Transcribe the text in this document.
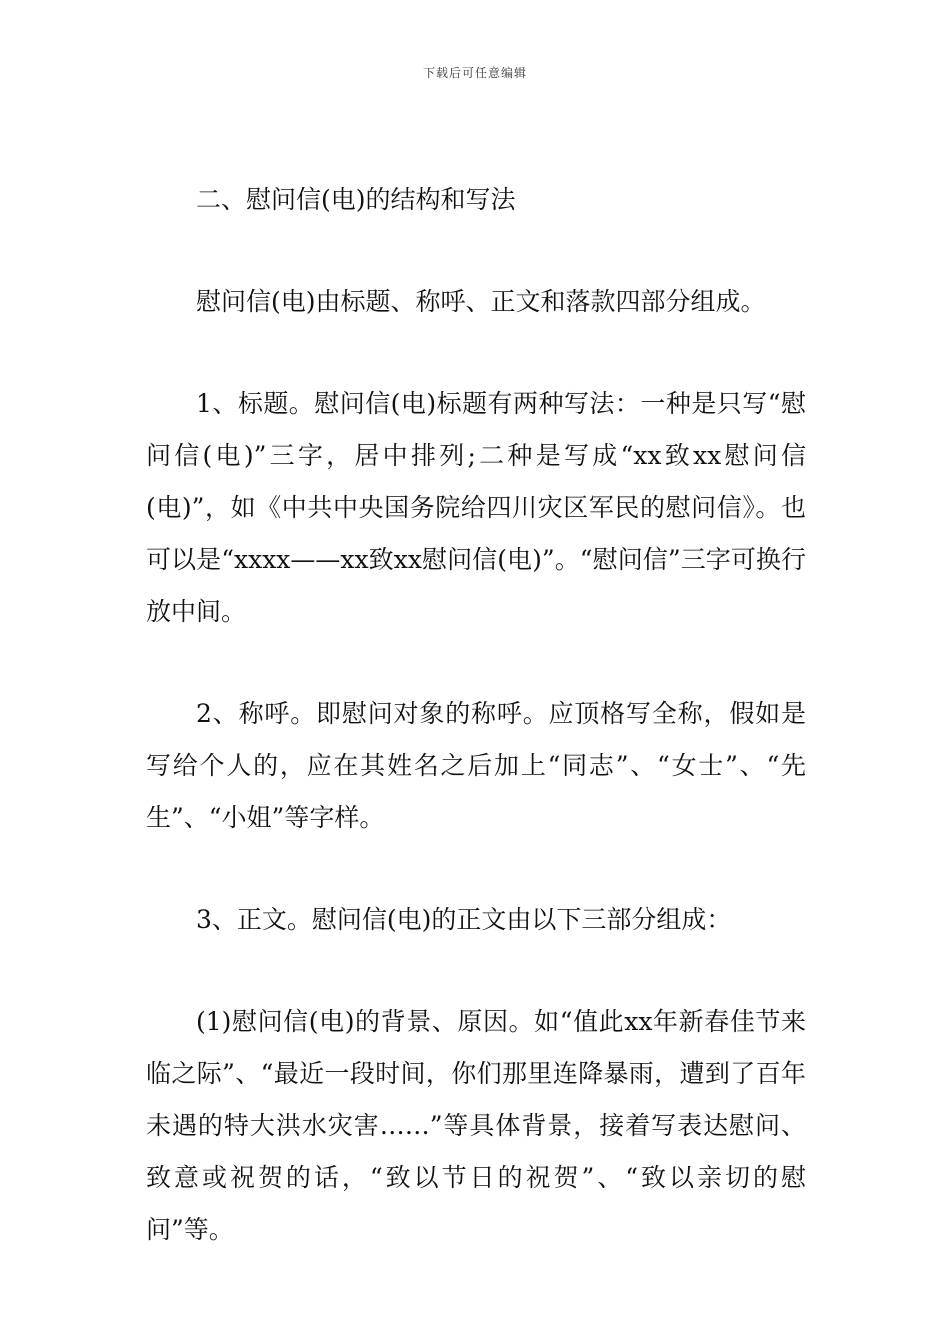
下载后可任意编辑

二、慰问信(电)的结构和写法

慰问信(电)由标题、称呼、正文和落款四部分组成。

1、标题。慰问信(电)标题有两种写法：一种是只写“慰问信(电)”三字，居中排列;二种是写成“xx致xx慰问信(电)”，如《中共中央国务院给四川灾区军民的慰问信》。也可以是“xxxx——xx致xx慰问信(电)”。“慰问信”三字可换行放中间。

2、称呼。即慰问对象的称呼。应顶格写全称，假如是写给个人的，应在其姓名之后加上“同志”、“女士”、“先生”、“小姐”等字样。

3、正文。慰问信(电)的正文由以下三部分组成：

(1)慰问信(电)的背景、原因。如“值此xx年新春佳节来临之际”、“最近一段时间，你们那里连降暴雨，遭到了百年未遇的特大洪水灾害……”等具体背景，接着写表达慰问、致意或祝贺的话，“致以节日的祝贺”、“致以亲切的慰问”等。
